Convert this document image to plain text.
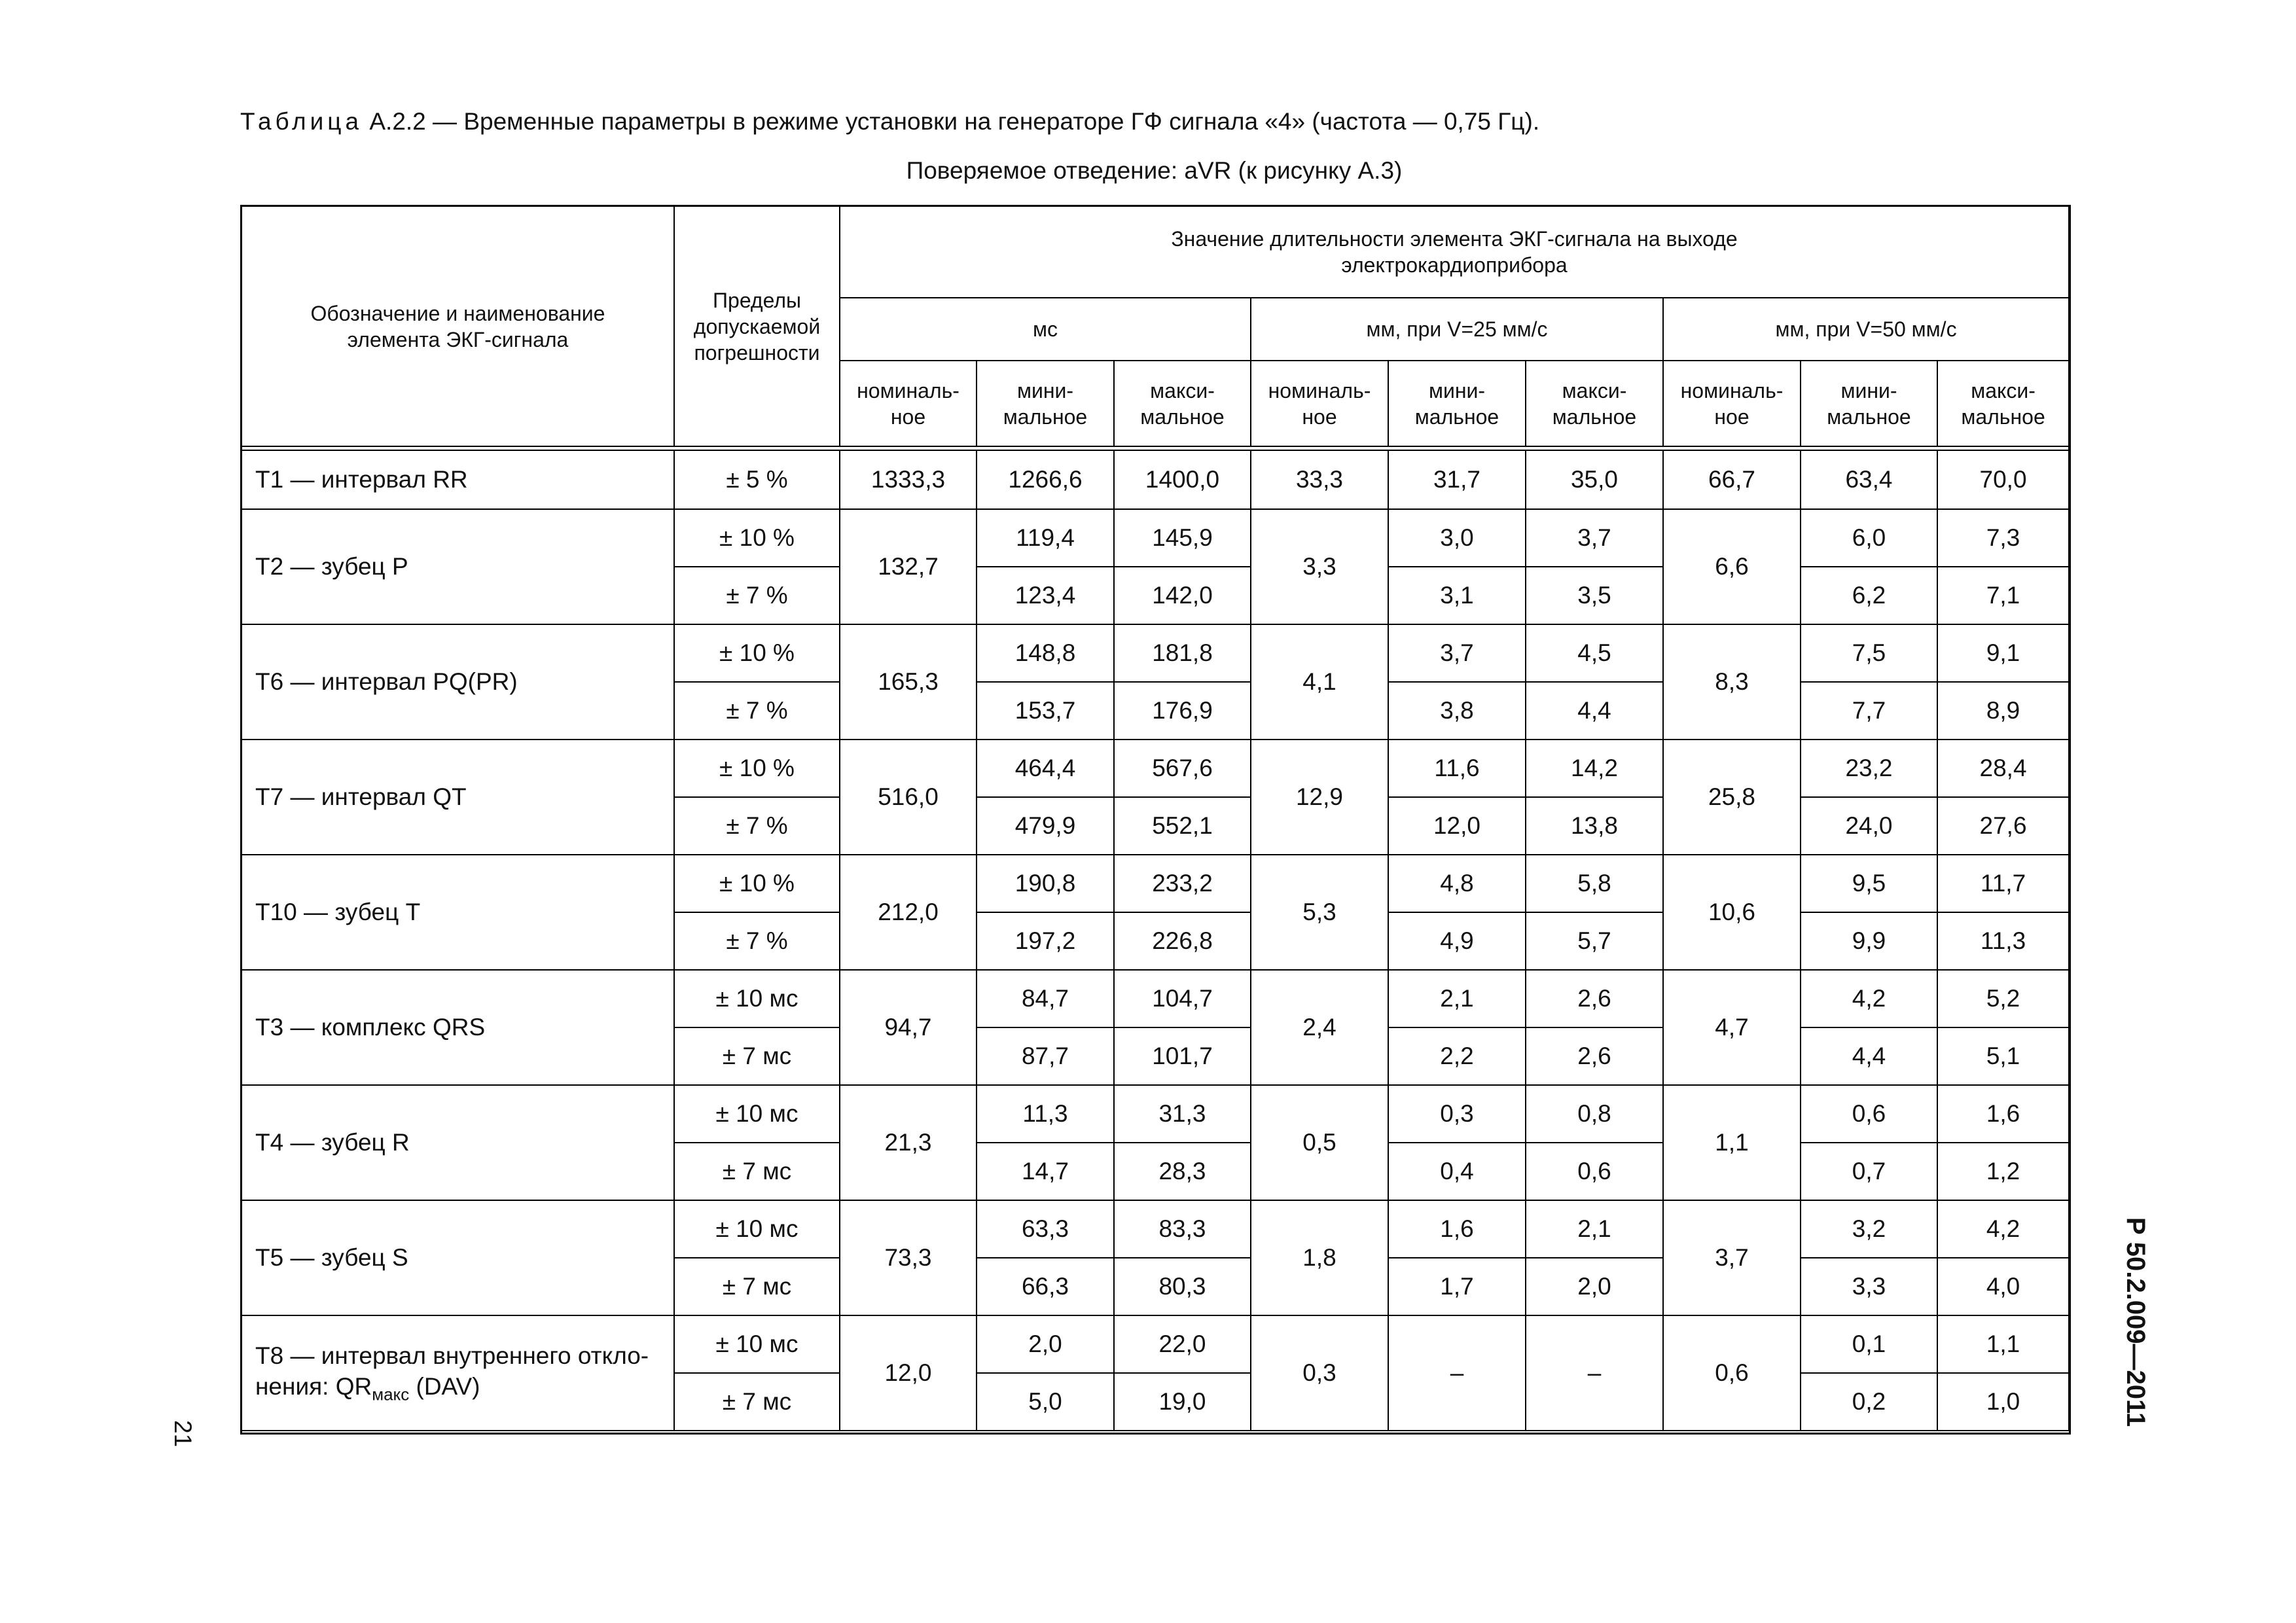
Таблица А.2.2 — Временные параметры в режиме установки на генераторе ГФ сигнала «4» (частота — 0,75 Гц).
Поверяемое отведение: aVR (к рисунку А.3)
Обозначение и наименование элемента ЭКГ-сигнала	Пределы допускаемой погрешности	Значение длительности элемента ЭКГ-сигнала на выходе электрокардиоприбора								
		мс			мм, при V=25 мм/с			мм, при V=50 мм/с		
		номиналь-ное	мини-мальное	макси-мальное	номиналь-ное	мини-мальное	макси-мальное	номиналь-ное	мини-мальное	макси-мальное

Т1 — интервал RR	± 5 %	1333,3	1266,6	1400,0	33,3	31,7	35,0	66,7	63,4	70,0
Т2 — зубец Р	± 10 %	132,7	119,4	145,9	3,3	3,0	3,7	6,6	6,0	7,3
	± 7 %		123,4	142,0		3,1	3,5		6,2	7,1
Т6 — интервал PQ(PR)	± 10 %	165,3	148,8	181,8	4,1	3,7	4,5	8,3	7,5	9,1
	± 7 %		153,7	176,9		3,8	4,4		7,7	8,9
Т7 — интервал QT	± 10 %	516,0	464,4	567,6	12,9	11,6	14,2	25,8	23,2	28,4
	± 7 %		479,9	552,1		12,0	13,8		24,0	27,6
Т10 — зубец Т	± 10 %	212,0	190,8	233,2	5,3	4,8	5,8	10,6	9,5	11,7
	± 7 %		197,2	226,8		4,9	5,7		9,9	11,3
Т3 — комплекс QRS	± 10 мс	94,7	84,7	104,7	2,4	2,1	2,6	4,7	4,2	5,2
	± 7 мс		87,7	101,7		2,2	2,6		4,4	5,1
Т4 — зубец R	± 10 мс	21,3	11,3	31,3	0,5	0,3	0,8	1,1	0,6	1,6
	± 7 мс		14,7	28,3		0,4	0,6		0,7	1,2
Т5 — зубец S	± 10 мс	73,3	63,3	83,3	1,8	1,6	2,1	3,7	3,2	4,2
	± 7 мс		66,3	80,3		1,7	2,0		3,3	4,0
Т8 — интервал внутреннего откло-
нения: $QR_{макс}$ (DAV)	± 10 мс	12,0	2,0	22,0	0,3	–	–	0,6	0,1	1,1
	± 7 мс		5,0	19,0					0,2	1,0
21
Р 50.2.009—2011
